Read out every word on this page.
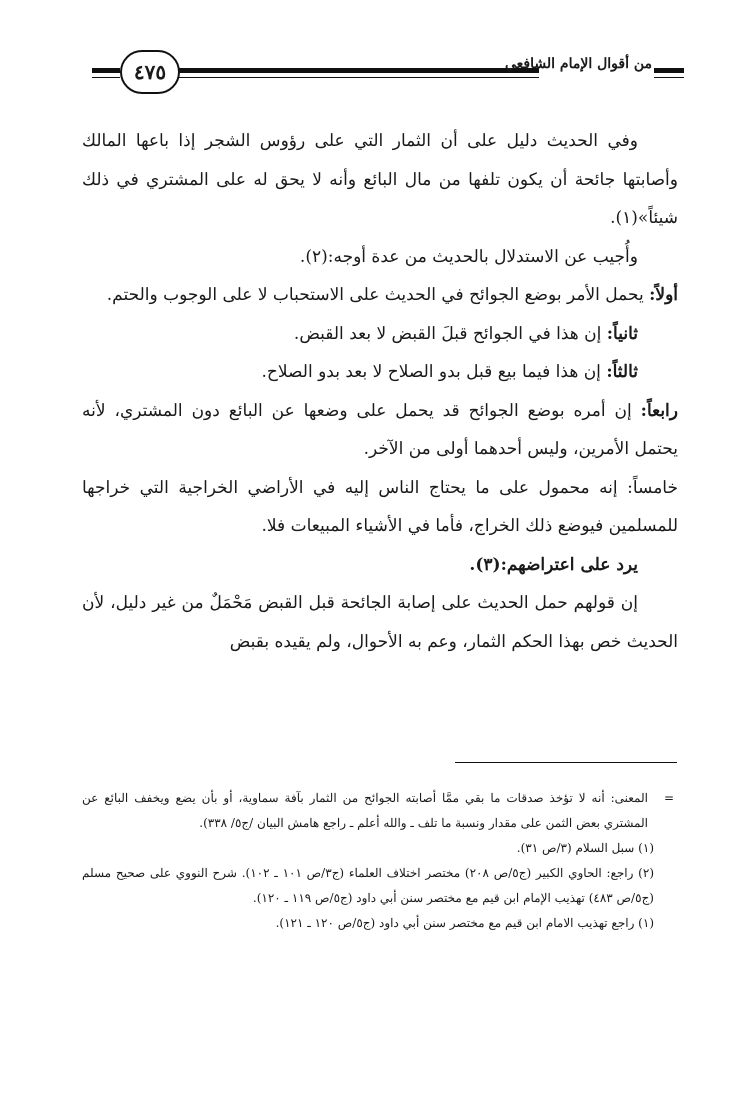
٤٧٥	من أقوال الإمام الشافعي

وفي الحديث دليل على أن الثمار التي على رؤوس الشجر إذا باعها المالك وأصابتها جائحة أن يكون تلفها من مال البائع وأنه لا يحق له على المشتري في ذلك شيئاً»(١).

وأُجيب عن الاستدلال بالحديث من عدة أوجه:(٢).

أولاً: يحمل الأمر بوضع الجوائح في الحديث على الاستحباب لا على الوجوب والحتم.

ثانياً: إن هذا في الجوائح قبلَ القبض لا بعد القبض.

ثالثاً: إن هذا فيما بيع قبل بدو الصلاح لا بعد بدو الصلاح.

رابعاً: إن أمره بوضع الجوائح قد يحمل على وضعها عن البائع دون المشتري، لأنه يحتمل الأمرين، وليس أحدهما أولى من الآخر.

خامساً: إنه محمول على ما يحتاج الناس إليه في الأراضي الخراجية التي خراجها للمسلمين فيوضع ذلك الخراج، فأما في الأشياء المبيعات فلا.

يرد على اعتراضهم:(٣).

إن قولهم حمل الحديث على إصابة الجائحة قبل القبض مَحْمَلٌ من غير دليل، لأن الحديث خص بهذا الحكم الثمار، وعم به الأحوال، ولم يقيده بقبض

=
المعنى: أنه لا تؤخذ صدقات ما بقي ممَّا أصابته الجوائح من الثمار بآفة سماوية، أو بأن يضع ويخفف البائع عن المشتري بعض الثمن على مقدار ونسبة ما تلف ـ والله أعلم ـ راجع هامش البيان /ج٥/ ٣٣٨).

(١) سبل السلام (٣/ص ٣١).

(٢) راجع: الحاوي الكبير (ج٥/ص ٢٠٨) مختصر اختلاف العلماء (ج٣/ص ١٠١ ـ ١٠٢). شرح النووي على صحيح مسلم (ج٥/ص ٤٨٣) تهذيب الإمام ابن قيم مع مختصر سنن أبي داود (ج٥/ص ١١٩ ـ ١٢٠).

(١) راجع تهذيب الامام ابن قيم مع مختصر سنن أبي داود (ج٥/ص ١٢٠ ـ ١٢١).
